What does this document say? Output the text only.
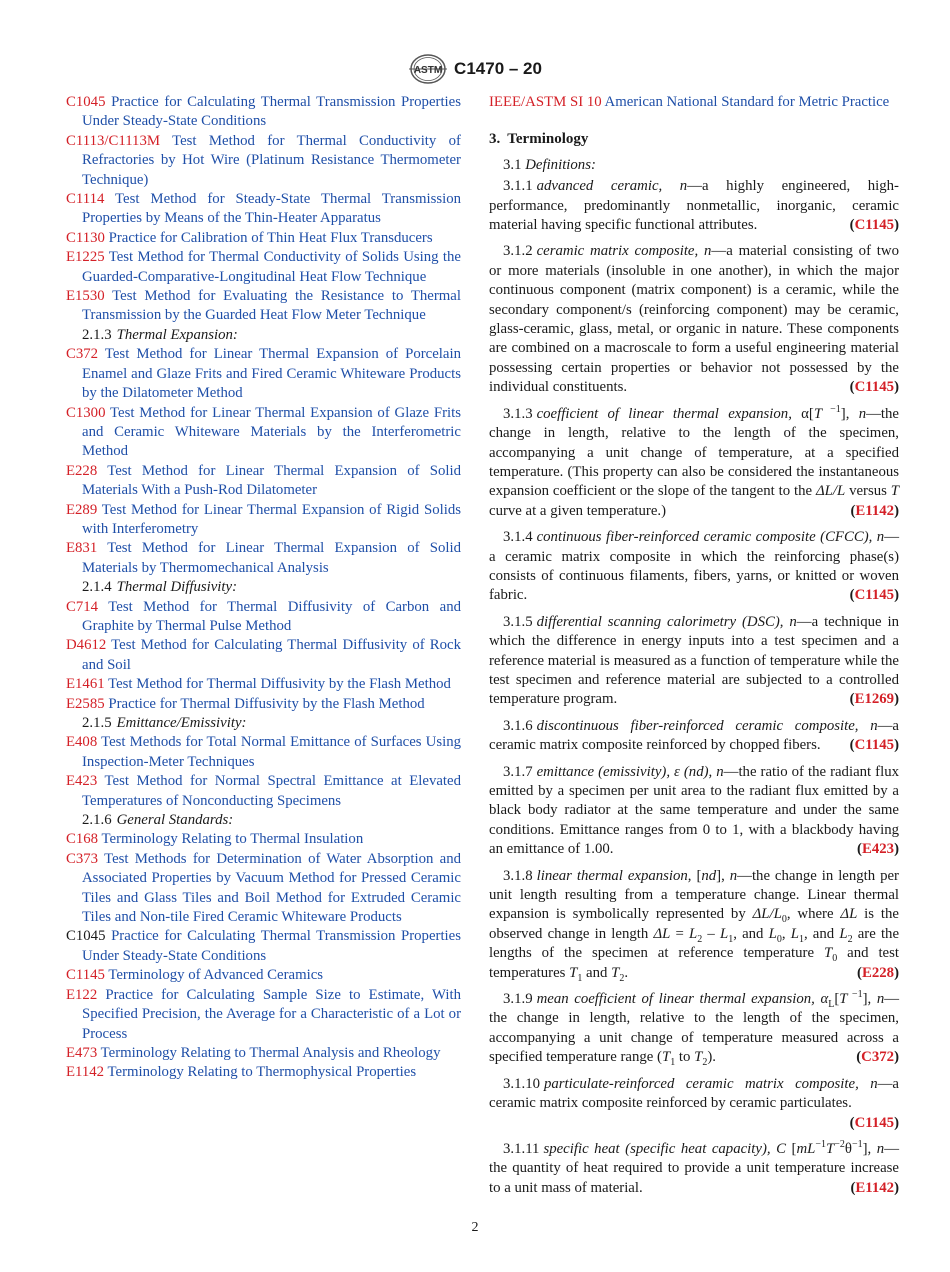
ASTM C1470 – 20
C1045 Practice for Calculating Thermal Transmission Properties Under Steady-State Conditions
C1113/C1113M Test Method for Thermal Conductivity of Refractories by Hot Wire (Platinum Resistance Thermometer Technique)
C1114 Test Method for Steady-State Thermal Transmission Properties by Means of the Thin-Heater Apparatus
C1130 Practice for Calibration of Thin Heat Flux Transducers
E1225 Test Method for Thermal Conductivity of Solids Using the Guarded-Comparative-Longitudinal Heat Flow Technique
E1530 Test Method for Evaluating the Resistance to Thermal Transmission by the Guarded Heat Flow Meter Technique
2.1.3 Thermal Expansion:
C372 Test Method for Linear Thermal Expansion of Porcelain Enamel and Glaze Frits and Fired Ceramic Whiteware Products by the Dilatometer Method
C1300 Test Method for Linear Thermal Expansion of Glaze Frits and Ceramic Whiteware Materials by the Interferometric Method
E228 Test Method for Linear Thermal Expansion of Solid Materials With a Push-Rod Dilatometer
E289 Test Method for Linear Thermal Expansion of Rigid Solids with Interferometry
E831 Test Method for Linear Thermal Expansion of Solid Materials by Thermomechanical Analysis
2.1.4 Thermal Diffusivity:
C714 Test Method for Thermal Diffusivity of Carbon and Graphite by Thermal Pulse Method
D4612 Test Method for Calculating Thermal Diffusivity of Rock and Soil
E1461 Test Method for Thermal Diffusivity by the Flash Method
E2585 Practice for Thermal Diffusivity by the Flash Method
2.1.5 Emittance/Emissivity:
E408 Test Methods for Total Normal Emittance of Surfaces Using Inspection-Meter Techniques
E423 Test Method for Normal Spectral Emittance at Elevated Temperatures of Nonconducting Specimens
2.1.6 General Standards:
C168 Terminology Relating to Thermal Insulation
C373 Test Methods for Determination of Water Absorption and Associated Properties by Vacuum Method for Pressed Ceramic Tiles and Glass Tiles and Boil Method for Extruded Ceramic Tiles and Non-tile Fired Ceramic Whiteware Products
C1045 Practice for Calculating Thermal Transmission Properties Under Steady-State Conditions
C1145 Terminology of Advanced Ceramics
E122 Practice for Calculating Sample Size to Estimate, With Specified Precision, the Average for a Characteristic of a Lot or Process
E473 Terminology Relating to Thermal Analysis and Rheology
E1142 Terminology Relating to Thermophysical Properties
IEEE/ASTM SI 10 American National Standard for Metric Practice
3. Terminology
3.1 Definitions:
3.1.1 advanced ceramic, n—a highly engineered, high-performance, predominantly nonmetallic, inorganic, ceramic material having specific functional attributes.	(C1145)
3.1.2 ceramic matrix composite, n—a material consisting of two or more materials (insoluble in one another), in which the major continuous component (matrix component) is a ceramic, while the secondary component/s (reinforcing component) may be ceramic, glass-ceramic, glass, metal, or organic in nature. These components are combined on a macroscale to form a useful engineering material possessing certain properties or behavior not possessed by the individual constituents.	(C1145)
3.1.3 coefficient of linear thermal expansion, α[T $^{-1}$], n—the change in length, relative to the length of the specimen, accompanying a unit change of temperature, at a specified temperature. (This property can also be considered the instantaneous expansion coefficient or the slope of the tangent to the ΔL/L versus T curve at a given temperature.)	(E1142)
3.1.4 continuous fiber-reinforced ceramic composite (CFCC), n—a ceramic matrix composite in which the reinforcing phase(s) consists of continuous filaments, fibers, yarns, or knitted or woven fabric.	(C1145)
3.1.5 differential scanning calorimetry (DSC), n—a technique in which the difference in energy inputs into a test specimen and a reference material is measured as a function of temperature while the test specimen and reference material are subjected to a controlled temperature program.	(E1269)
3.1.6 discontinuous fiber-reinforced ceramic composite, n—a ceramic matrix composite reinforced by chopped fibers. (C1145)
3.1.7 emittance (emissivity), ε (nd), n—the ratio of the radiant flux emitted by a specimen per unit area to the radiant flux emitted by a black body radiator at the same temperature and under the same conditions. Emittance ranges from 0 to 1, with a blackbody having an emittance of 1.00.	(E423)
3.1.8 linear thermal expansion, [nd], n—the change in length per unit length resulting from a temperature change. Linear thermal expansion is symbolically represented by $\Delta L/L_0$, where ΔL is the observed change in length $\Delta L = L_2 - L_1$, and $L_0$, $L_1$, and $L_2$ are the lengths of the specimen at reference temperature $T_0$ and test temperatures $T_1$ and $T_2$.	(E228)
3.1.9 mean coefficient of linear thermal expansion, $\alpha_L[T$ $^{-1}$], n—the change in length, relative to the length of the specimen, accompanying a unit change of temperature measured across a specified temperature range ($T_1$ to $T_2$).	(C372)
3.1.10 particulate-reinforced ceramic matrix composite, n—a ceramic matrix composite reinforced by ceramic particulates.
(C1145)
3.1.11 specific heat (specific heat capacity), C $[mL^{-1}T^{-2}\theta^{-1}]$, n—the quantity of heat required to provide a unit temperature increase to a unit mass of material.	(E1142)
2
